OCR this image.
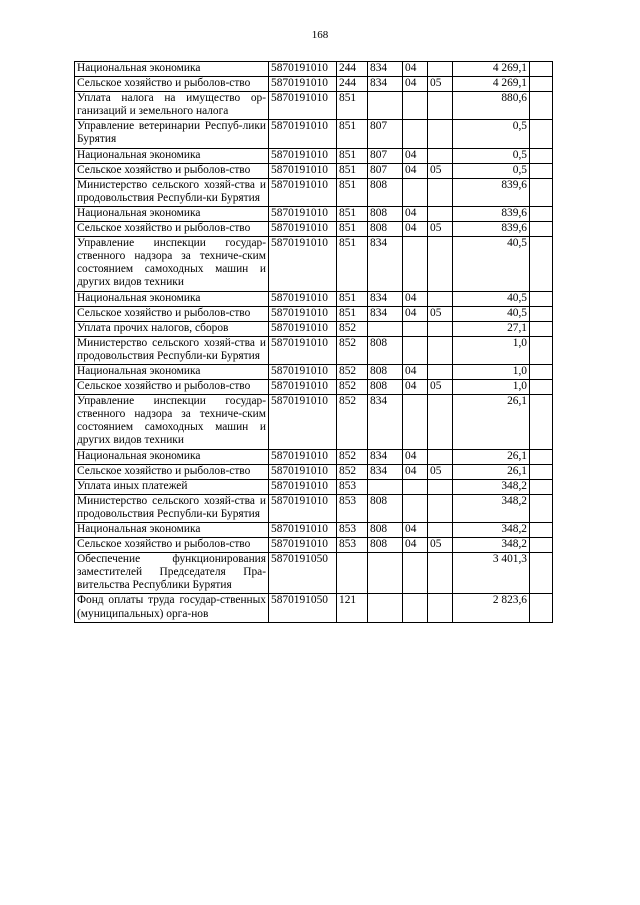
168
Национальная экономика	5870191010	244	834	04		4 269,1	
Сельское хозяйство и рыболов-ство	5870191010	244	834	04	05	4 269,1	
Уплата налога на имущество ор-ганизаций и земельного налога	5870191010	851				880,6	
Управление ветеринарии Респуб-лики Бурятия	5870191010	851	807			0,5	
Национальная экономика	5870191010	851	807	04		0,5	
Сельское хозяйство и рыболов-ство	5870191010	851	807	04	05	0,5	
Министерство сельского хозяй-ства и продовольствия Республи-ки Бурятия	5870191010	851	808			839,6	
Национальная экономика	5870191010	851	808	04		839,6	
Сельское хозяйство и рыболов-ство	5870191010	851	808	04	05	839,6	
Управление инспекции государ-ственного надзора за техниче-ским состоянием самоходных машин и других видов техники	5870191010	851	834			40,5	
Национальная экономика	5870191010	851	834	04		40,5	
Сельское хозяйство и рыболов-ство	5870191010	851	834	04	05	40,5	
Уплата прочих налогов, сборов	5870191010	852				27,1	
Министерство сельского хозяй-ства и продовольствия Республи-ки Бурятия	5870191010	852	808			1,0	
Национальная экономика	5870191010	852	808	04		1,0	
Сельское хозяйство и рыболов-ство	5870191010	852	808	04	05	1,0	
Управление инспекции государ-ственного надзора за техниче-ским состоянием самоходных машин и других видов техники	5870191010	852	834			26,1	
Национальная экономика	5870191010	852	834	04		26,1	
Сельское хозяйство и рыболов-ство	5870191010	852	834	04	05	26,1	
Уплата иных платежей	5870191010	853				348,2	
Министерство сельского хозяй-ства и продовольствия Республи-ки Бурятия	5870191010	853	808			348,2	
Национальная экономика	5870191010	853	808	04		348,2	
Сельское хозяйство и рыболов-ство	5870191010	853	808	04	05	348,2	
Обеспечение функционирования заместителей Председателя Пра-вительства Республики Бурятия	5870191050					3 401,3	
Фонд оплаты труда государ-ственных (муниципальных) орга-нов	5870191050	121				2 823,6	
